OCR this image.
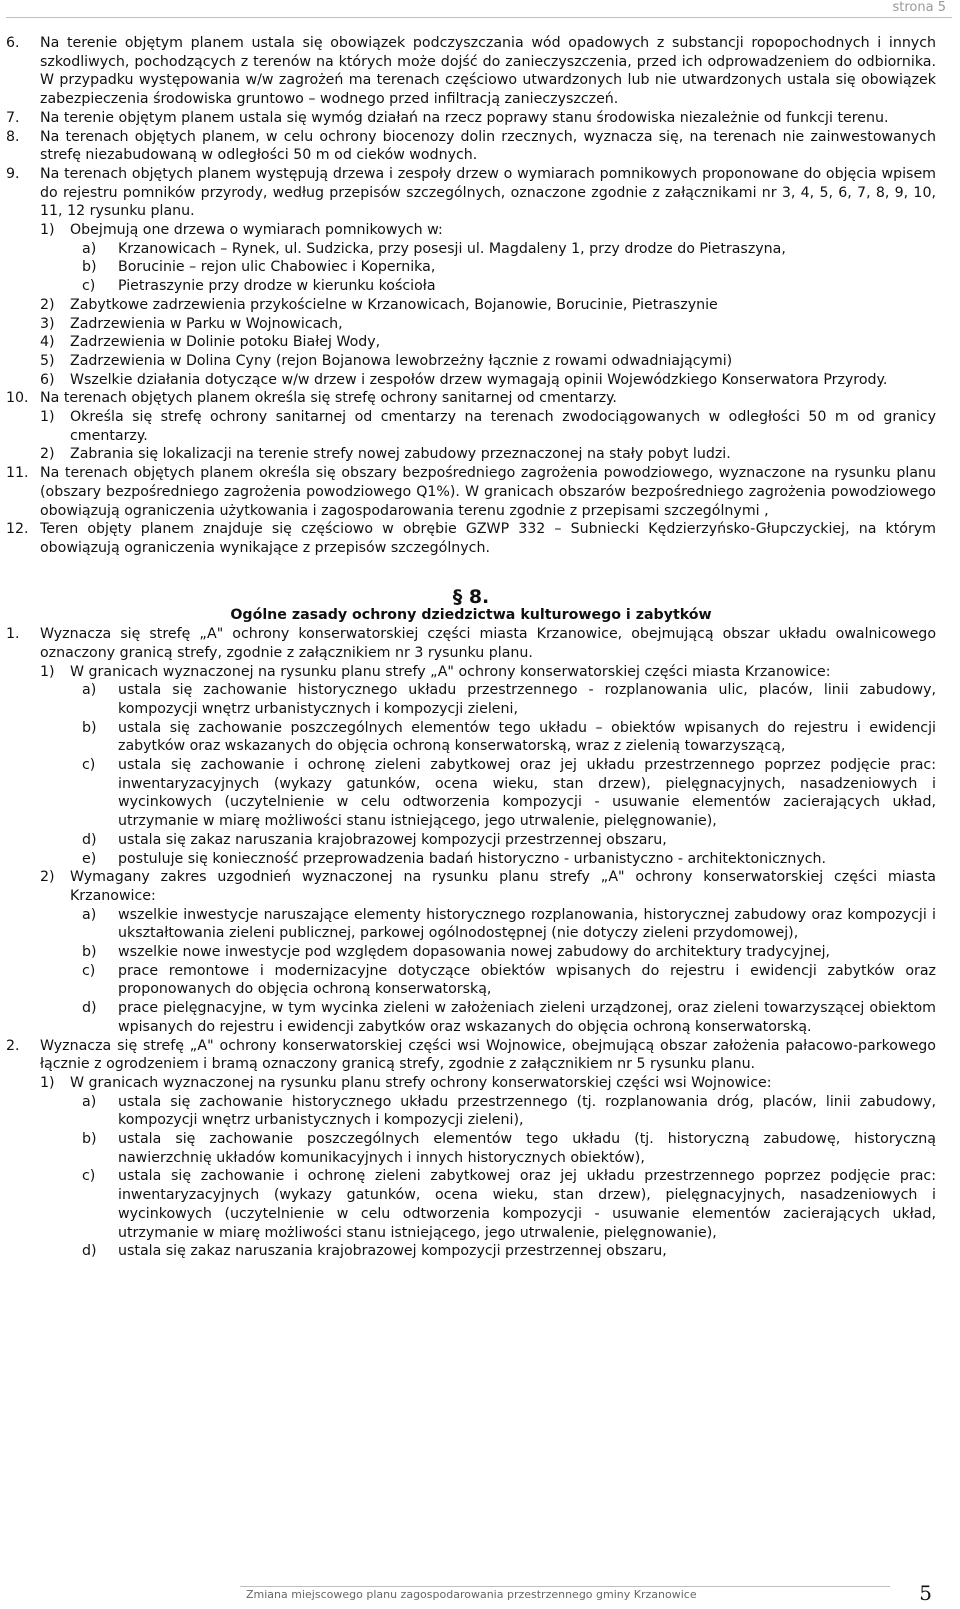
strona 5
6.	Na terenie objętym planem ustala się obowiązek podczyszczania wód opadowych z substancji ropopochodnych i innych szkodliwych, pochodzących z terenów na których może dojść do zanieczyszczenia, przed ich odprowadzeniem do odbiornika. W przypadku występowania w/w zagrożeń ma terenach częściowo utwardzonych lub nie utwardzonych ustala się obowiązek zabezpieczenia środowiska gruntowo – wodnego przed infiltracją zanieczyszczeń.
7.	Na terenie objętym planem ustala się wymóg działań na rzecz poprawy stanu środowiska niezależnie od funkcji terenu.
8.	Na terenach objętych planem, w celu ochrony biocenozy dolin rzecznych, wyznacza się, na terenach nie zainwestowanych strefę niezabudowaną w odległości 50 m od cieków wodnych.
9.	Na terenach objętych planem występują drzewa i zespoły drzew o wymiarach pomnikowych proponowane do objęcia wpisem do rejestru pomników przyrody, według przepisów szczególnych, oznaczone zgodnie z załącznikami nr 3, 4, 5, 6, 7, 8, 9, 10, 11, 12 rysunku planu.
1)	Obejmują one drzewa o wymiarach pomnikowych w:
a)	Krzanowicach – Rynek, ul. Sudzicka, przy posesji ul. Magdaleny 1, przy drodze do Pietraszyna,
b)	Borucinie – rejon ulic Chabowiec i Kopernika,
c)	Pietraszynie przy drodze w kierunku kościoła
2)	Zabytkowe zadrzewienia przykościelne w Krzanowicach, Bojanowie, Borucinie, Pietraszynie
3)	Zadrzewienia w Parku w Wojnowicach,
4)	Zadrzewienia w Dolinie potoku Białej Wody,
5)	Zadrzewienia w Dolina Cyny (rejon Bojanowa lewobrzeżny łącznie z rowami odwadniającymi)
6)	Wszelkie działania dotyczące w/w drzew i zespołów drzew wymagają opinii Wojewódzkiego Konserwatora Przyrody.
10. Na terenach objętych planem określa się strefę ochrony sanitarnej od cmentarzy.
1)	Określa się strefę ochrony sanitarnej od cmentarzy na terenach zwodociągowanych w odległości 50 m od granicy cmentarzy.
2)	Zabrania się lokalizacji na terenie strefy nowej zabudowy przeznaczonej na stały pobyt ludzi.
11. Na terenach objętych planem określa się obszary bezpośredniego zagrożenia powodziowego, wyznaczone na rysunku planu (obszary bezpośredniego zagrożenia powodziowego Q1%). W granicach obszarów bezpośredniego zagrożenia powodziowego obowiązują ograniczenia użytkowania i zagospodarowania terenu zgodnie z przepisami szczególnymi ,
12. Teren objęty planem znajduje się częściowo w obrębie GZWP 332 – Subniecki Kędzierzyńsko-Głupczyckiej, na którym obowiązują ograniczenia wynikające z przepisów szczególnych.
§ 8.
Ogólne zasady ochrony dziedzictwa kulturowego i zabytków
1.	Wyznacza się strefę „A" ochrony konserwatorskiej części miasta Krzanowice, obejmującą obszar układu owalnicowego oznaczony granicą strefy, zgodnie z załącznikiem nr 3 rysunku planu.
1)	W granicach wyznaczonej na rysunku planu strefy „A" ochrony konserwatorskiej części miasta Krzanowice:
a)	ustala się zachowanie historycznego układu przestrzennego - rozplanowania ulic, placów, linii zabudowy, kompozycji wnętrz urbanistycznych i kompozycji zieleni,
b)	ustala się zachowanie poszczególnych elementów tego układu – obiektów wpisanych do rejestru i ewidencji zabytków oraz wskazanych do objęcia ochroną konserwatorską, wraz z zielenią towarzyszącą,
c)	ustala się zachowanie i ochronę zieleni zabytkowej oraz jej układu przestrzennego poprzez podjęcie prac: inwentaryzacyjnych (wykazy gatunków, ocena wieku, stan drzew), pielęgnacyjnych, nasadzeniowych i wycinkowych (uczytelnienie w celu odtworzenia kompozycji - usuwanie elementów zacierających układ, utrzymanie w miarę możliwości stanu istniejącego, jego utrwalenie, pielęgnowanie),
d)	ustala się zakaz naruszania krajobrazowej kompozycji przestrzennej obszaru,
e)	postuluje się konieczność przeprowadzenia badań historyczno - urbanistyczno - architektonicznych.
2)	Wymagany zakres uzgodnień wyznaczonej na rysunku planu strefy „A" ochrony konserwatorskiej części miasta Krzanowice:
a)	wszelkie inwestycje naruszające elementy historycznego rozplanowania, historycznej zabudowy oraz kompozycji i ukształtowania zieleni publicznej, parkowej ogólnodostępnej (nie dotyczy zieleni przydomowej),
b)	wszelkie nowe inwestycje pod względem dopasowania nowej zabudowy do architektury tradycyjnej,
c)	prace remontowe i modernizacyjne dotyczące obiektów wpisanych do rejestru i ewidencji zabytków oraz proponowanych do objęcia ochroną konserwatorską,
d)	prace pielęgnacyjne, w tym wycinka zieleni w założeniach zieleni urządzonej, oraz zieleni towarzyszącej obiektom wpisanych do rejestru i ewidencji zabytków oraz wskazanych do objęcia ochroną konserwatorską.
2.	Wyznacza się strefę „A" ochrony konserwatorskiej części wsi Wojnowice, obejmującą obszar założenia pałacowo-parkowego łącznie z ogrodzeniem i bramą oznaczony granicą strefy, zgodnie z załącznikiem nr 5 rysunku planu.
1)	W granicach wyznaczonej na rysunku planu strefy ochrony konserwatorskiej części wsi Wojnowice:
a)	ustala się zachowanie historycznego układu przestrzennego (tj. rozplanowania dróg, placów, linii zabudowy, kompozycji wnętrz urbanistycznych i kompozycji zieleni),
b)	ustala się zachowanie poszczególnych elementów tego układu (tj. historyczną zabudowę, historyczną nawierzchnię układów komunikacyjnych i innych historycznych obiektów),
c)	ustala się zachowanie i ochronę zieleni zabytkowej oraz jej układu przestrzennego poprzez podjęcie prac: inwentaryzacyjnych (wykazy gatunków, ocena wieku, stan drzew), pielęgnacyjnych, nasadzeniowych i wycinkowych (uczytelnienie w celu odtworzenia kompozycji - usuwanie elementów zacierających układ, utrzymanie w miarę możliwości stanu istniejącego, jego utrwalenie, pielęgnowanie),
d)	ustala się zakaz naruszania krajobrazowej kompozycji przestrzennej obszaru,
Zmiana miejscowego planu zagospodarowania przestrzennego gminy Krzanowice	5
